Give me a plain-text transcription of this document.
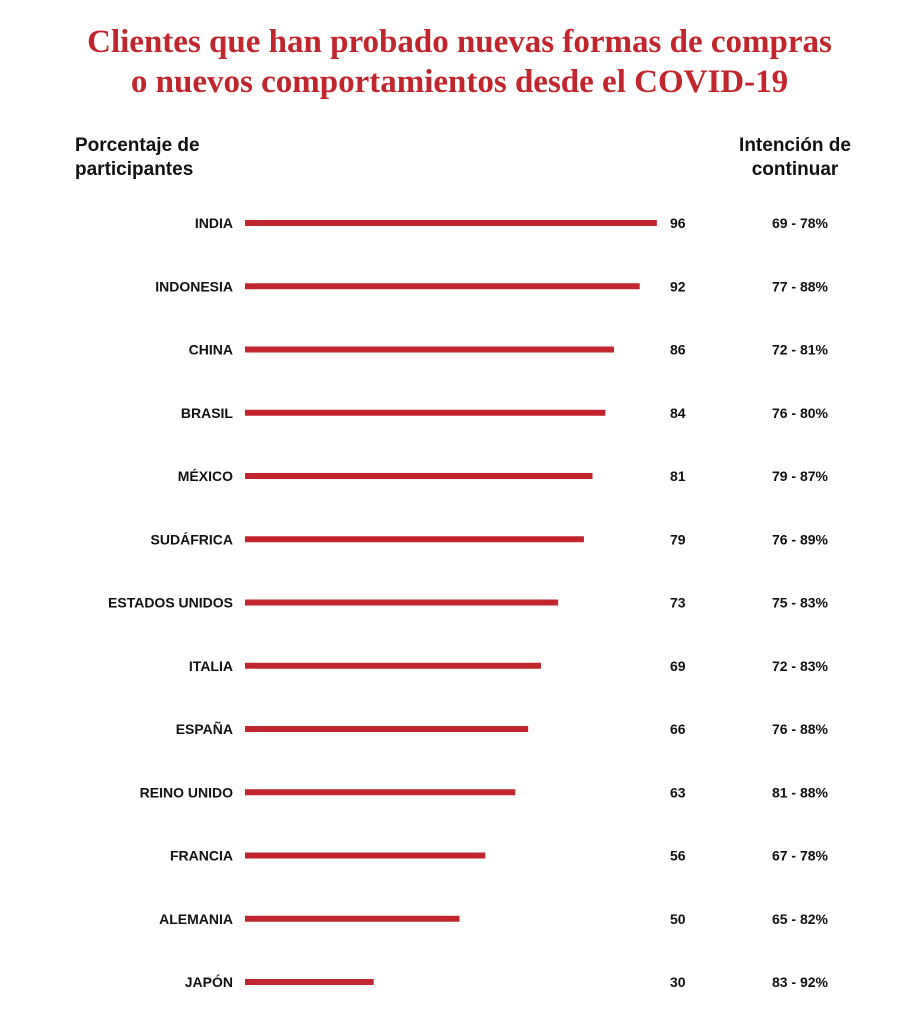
Clientes que han probado nuevas formas de compras
o nuevos comportamientos desde el COVID-19
Porcentaje de
participantes
Intención de
continuar
INDIA	96	69 - 78%
INDONESIA	92	77 - 88%
CHINA	86	72 - 81%
BRASIL	84	76 - 80%
MÉXICO	81	79 - 87%
SUDÁFRICA	79	76 - 89%
ESTADOS UNIDOS	73	75 - 83%
ITALIA	69	72 - 83%
ESPAÑA	66	76 - 88%
REINO UNIDO	63	81 - 88%
FRANCIA	56	67 - 78%
ALEMANIA	50	65 - 82%
JAPÓN	30	83 - 92%
